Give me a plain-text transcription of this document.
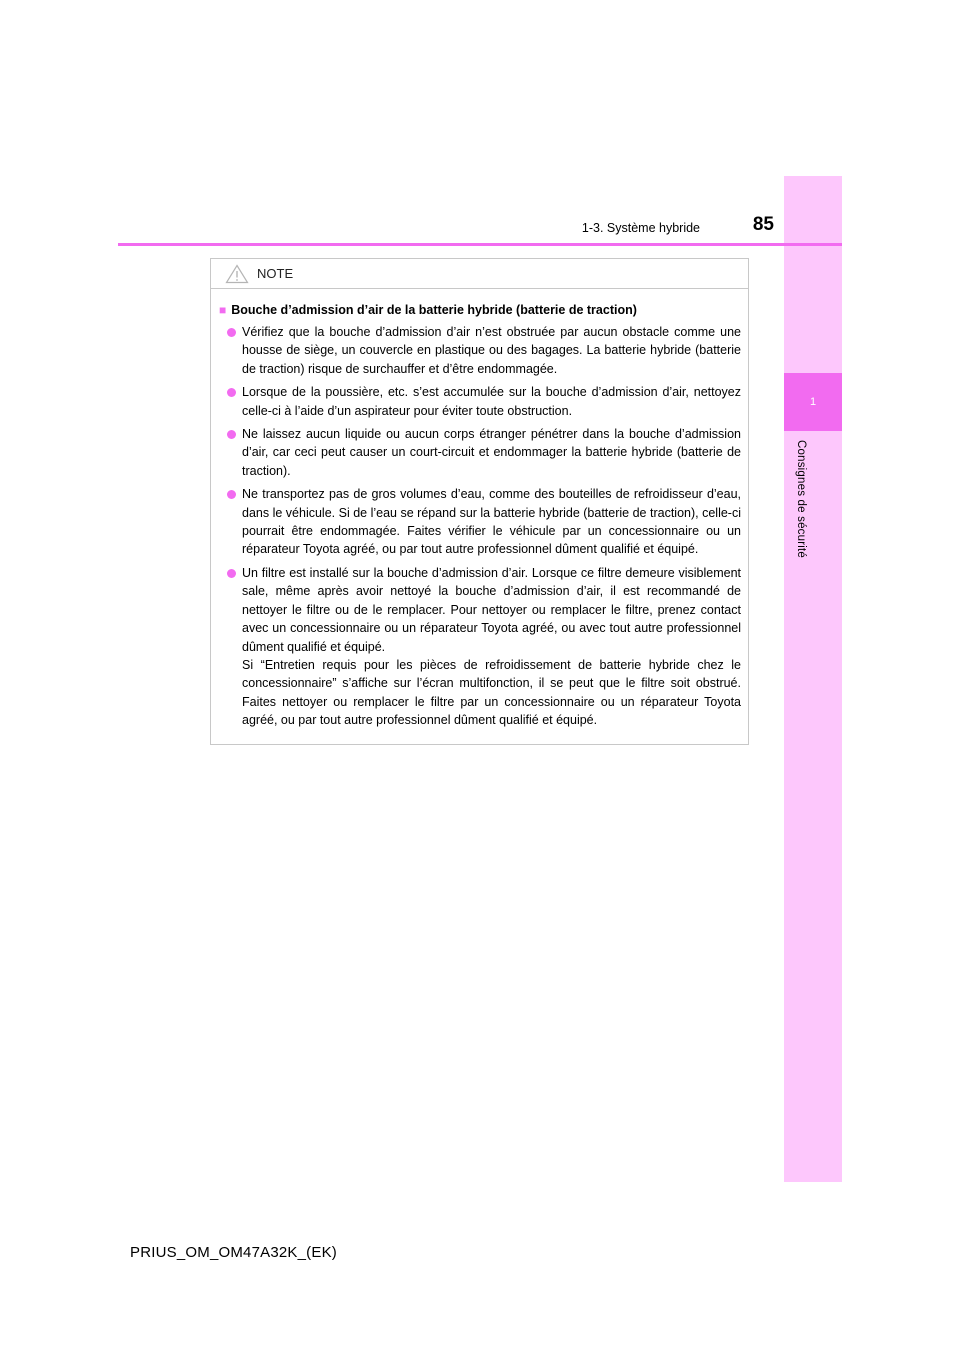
1
Consignes de sécurité
1-3. Système hybride	85
NOTE
■ Bouche d’admission d’air de la batterie hybride (batterie de traction)
Vérifiez que la bouche d’admission d’air n’est obstruée par aucun obstacle comme une housse de siège, un couvercle en plastique ou des bagages. La batterie hybride (batterie de traction) risque de surchauffer et d’être endommagée.
Lorsque de la poussière, etc. s’est accumulée sur la bouche d’admission d’air, nettoyez celle-ci à l’aide d’un aspirateur pour éviter toute obstruction.
Ne laissez aucun liquide ou aucun corps étranger pénétrer dans la bouche d’admission d’air, car ceci peut causer un court-circuit et endommager la batterie hybride (batterie de traction).
Ne transportez pas de gros volumes d’eau, comme des bouteilles de refroidisseur d’eau, dans le véhicule. Si de l’eau se répand sur la batterie hybride (batterie de traction), celle-ci pourrait être endommagée. Faites vérifier le véhicule par un concessionnaire ou un réparateur Toyota agréé, ou par tout autre professionnel dûment qualifié et équipé.
Un filtre est installé sur la bouche d’admission d’air. Lorsque ce filtre demeure visiblement sale, même après avoir nettoyé la bouche d’admission d’air, il est recommandé de nettoyer le filtre ou de le remplacer. Pour nettoyer ou remplacer le filtre, prenez contact avec un concessionnaire ou un réparateur Toyota agréé, ou avec tout autre professionnel dûment qualifié et équipé.
Si “Entretien requis pour les pièces de refroidissement de batterie hybride chez le concessionnaire” s’affiche sur l’écran multifonction, il se peut que le filtre soit obstrué. Faites nettoyer ou remplacer le filtre par un concessionnaire ou un réparateur Toyota agréé, ou par tout autre professionnel dûment qualifié et équipé.
PRIUS_OM_OM47A32K_(EK)
